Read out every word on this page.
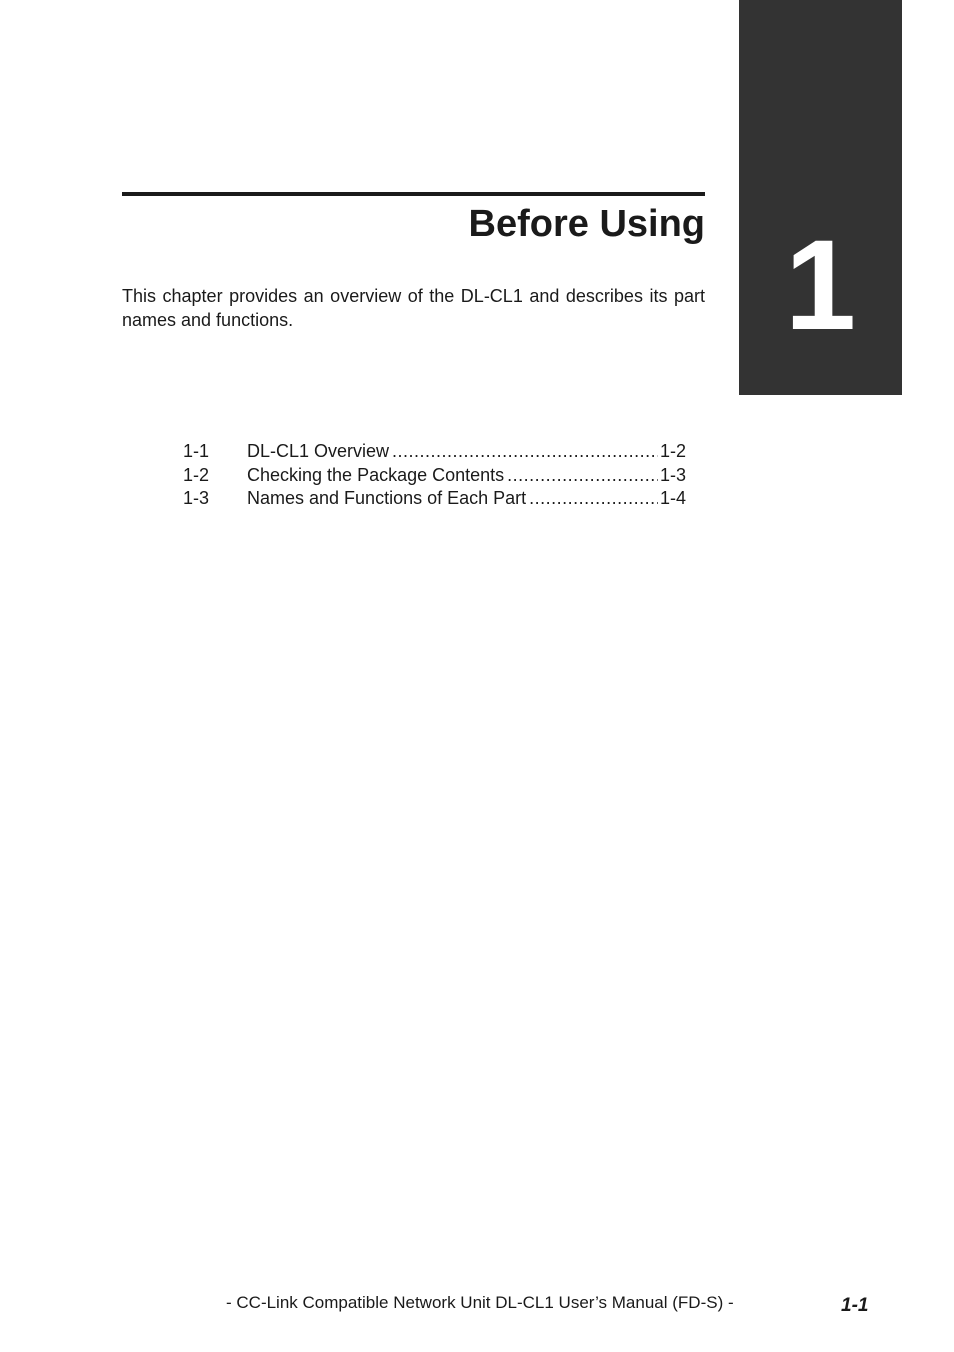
1
Before Using

This chapter provides an overview of the DL-CL1 and describes its part names and functions.

1-1	DL-CL1 Overview .....	1-2
1-2	Checking the Package Contents .....	1-3
1-3	Names and Functions of Each Part .....	1-4
- CC-Link Compatible Network Unit DL-CL1 User’s Manual (FD-S) -	1-1
